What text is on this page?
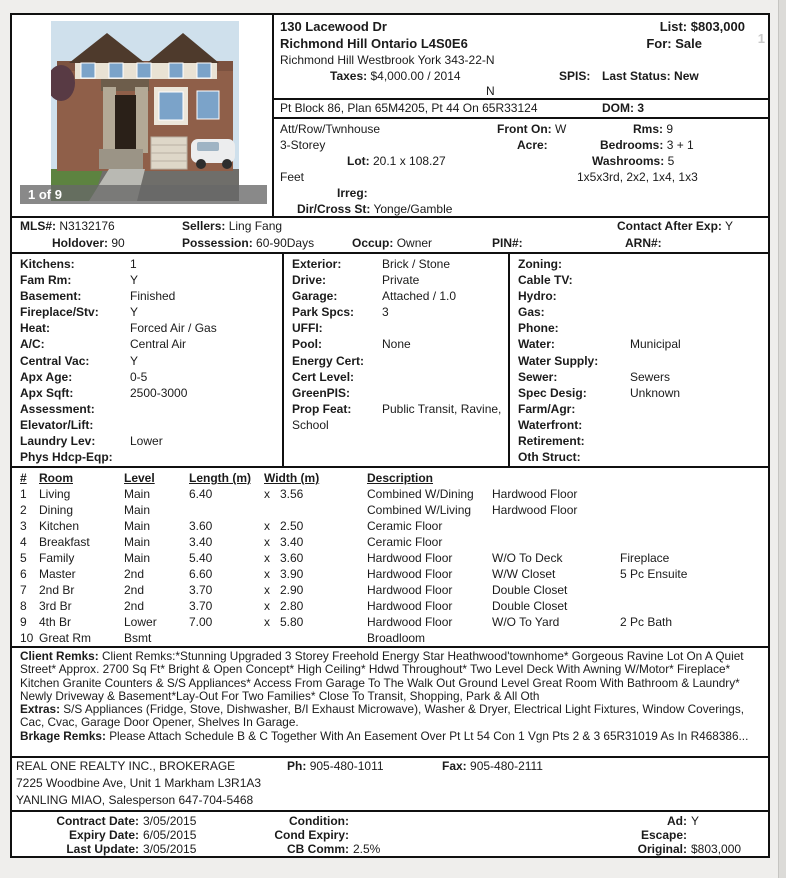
1 of 9
1
130 Lacewood Dr	List: $803,000
Richmond Hill Ontario L4S0E6	For: Sale
Richmond Hill Westbrook York 343-22-N
Taxes: $4,000.00 / 2014	SPIS: Last Status: New
N
Pt Block 86, Plan 65M4205, Pt 44 On 65R33124	DOM: 3
Att/Row/Twnhouse	Front On: W	Rms: 9
3-Storey	Acre:	Bedrooms: 3 + 1
Lot: 20.1 x 108.27	Washrooms: 5
Feet	1x5x3rd, 2x2, 1x4, 1x3
Irreg:
Dir/Cross St: Yonge/Gamble
MLS#: N3132176	Sellers: Ling Fang	Contact After Exp: Y
Holdover: 90	Possession: 60-90Days	Occup: Owner	PIN#:	ARN#:
Kitchens:	1
Fam Rm:	Y
Basement:	Finished
Fireplace/Stv:	Y
Heat:	Forced Air / Gas
A/C:	Central Air
Central Vac:	Y
Apx Age:	0-5
Apx Sqft:	2500-3000
Assessment:
Elevator/Lift:
Laundry Lev:	Lower
Phys Hdcp-Eqp:
Exterior:	Brick / Stone
Drive:	Private
Garage:	Attached / 1.0
Park Spcs: 3
UFFI:
Pool:	None
Energy Cert:
Cert Level:
GreenPIS:
Prop Feat:	Public Transit, Ravine, School
Zoning:
Cable TV:
Hydro:
Gas:
Phone:
Water:	Municipal
Water Supply:
Sewer:	Sewers
Spec Desig:	Unknown
Farm/Agr:
Waterfront:
Retirement:
Oth Struct:
#	Room	Level	Length (m)	Width (m)	Description
1	Living	Main	6.40	x 3.56	Combined W/Dining	Hardwood Floor
2	Dining	Main	Combined W/Living	Hardwood Floor
3	Kitchen	Main	3.60	x 2.50	Ceramic Floor
4	Breakfast	Main	3.40	x 3.40	Ceramic Floor
5	Family	Main	5.40	x 3.60	Hardwood Floor	W/O To Deck	Fireplace
6	Master	2nd	6.60	x 3.90	Hardwood Floor	W/W Closet	5 Pc Ensuite
7	2nd Br	2nd	3.70	x 2.90	Hardwood Floor	Double Closet
8	3rd Br	2nd	3.70	x 2.80	Hardwood Floor	Double Closet
9	4th Br	Lower	7.00	x 5.80	Hardwood Floor	W/O To Yard	2 Pc Bath
10 Great Rm	Bsmt	Broadloom

Client Remks: Client Remks:*Stunning Upgraded 3 Storey Freehold Energy Star Heathwood'townhome* Gorgeous Ravine Lot On A Quiet Street* Approx. 2700 Sq Ft* Bright & Open Concept* High Ceiling* Hdwd Throughout* Two Level Deck With Awning W/Motor* Fireplace* Kitchen Granite Counters & S/S Appliances* Access From Garage To The Walk Out Ground Level Great Room With Bathroom & Laundry* Newly Driveway & Basement*Lay-Out For Two Families* Close To Transit, Shopping, Park & All Oth

Extras: S/S Appliances (Fridge, Stove, Dishwasher, B/I Exhaust Microwave), Washer & Dryer, Electrical Light Fixtures, Window Coverings, Cac, Cvac, Garage Door Opener, Shelves In Garage.

Brkage Remks: Please Attach Schedule B & C Together With An Easement Over Pt Lt 54 Con 1 Vgn Pts 2 & 3 65R31019 As In R468386...

REAL ONE REALTY INC., BROKERAGE	Ph: 905-480-1011	Fax: 905-480-2111
7225 Woodbine Ave, Unit 1 Markham L3R1A3
YANLING MIAO, Salesperson 647-704-5468
Contract Date: 3/05/2015	Condition:	Ad: Y
Expiry Date: 6/05/2015	Cond Expiry:	Escape:
Last Update: 3/05/2015	CB Comm: 2.5%	Original: $803,000
